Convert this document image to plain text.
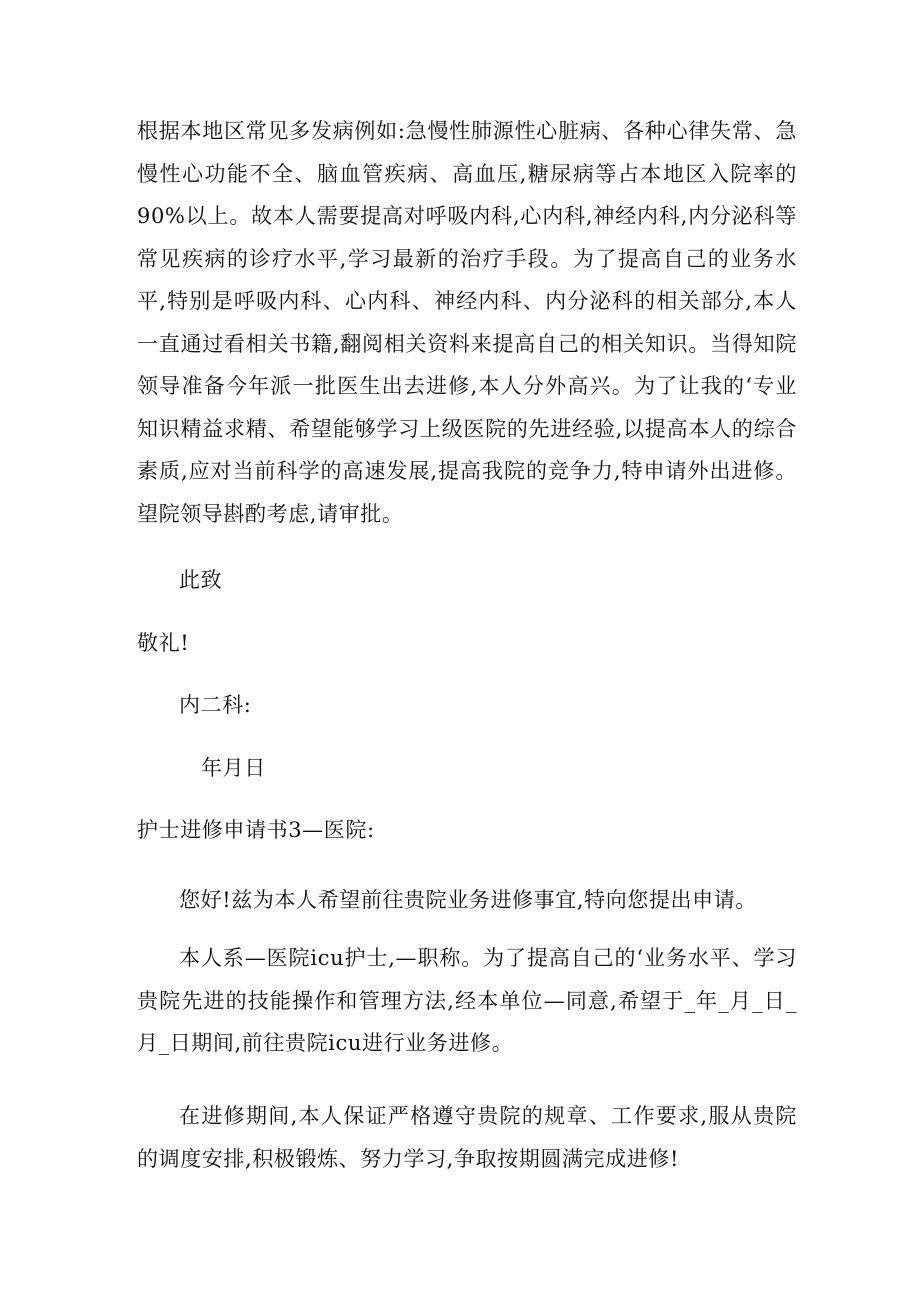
根据本地区常见多发病例如:急慢性肺源性心脏病、各种心律失常、急慢性心功能不全、脑血管疾病、高血压,糖尿病等占本地区入院率的90%以上。故本人需要提高对呼吸内科,心内科,神经内科,内分泌科等常见疾病的诊疗水平,学习最新的治疗手段。为了提高自己的业务水平,特别是呼吸内科、心内科、神经内科、内分泌科的相关部分,本人一直通过看相关书籍,翻阅相关资料来提高自己的相关知识。当得知院领导准备今年派一批医生出去进修,本人分外高兴。为了让我的‘专业知识精益求精、希望能够学习上级医院的先进经验,以提高本人的综合素质,应对当前科学的高速发展,提高我院的竞争力,特申请外出进修。望院领导斟酌考虑,请审批。

此致

敬礼!

内二科:

年月日

护士进修申请书3—医院:

您好!兹为本人希望前往贵院业务进修事宜,特向您提出申请。

本人系—医院icu护士,—职称。为了提高自己的‘业务水平、学习贵院先进的技能操作和管理方法,经本单位—同意,希望于_年_月_日_月_日期间,前往贵院icu进行业务进修。

在进修期间,本人保证严格遵守贵院的规章、工作要求,服从贵院的调度安排,积极锻炼、努力学习,争取按期圆满完成进修!
